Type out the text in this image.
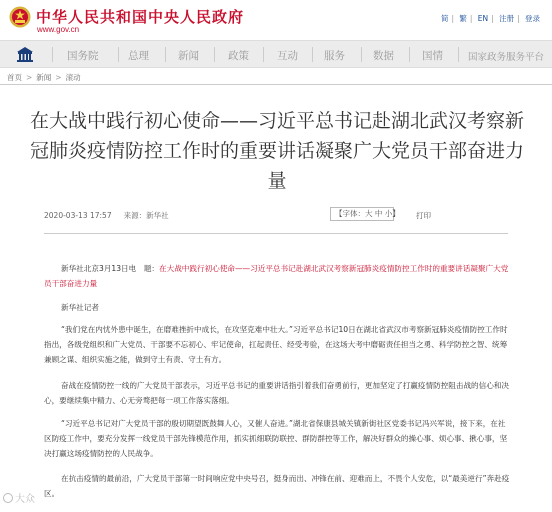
中华人民共和国中央人民政府
www.gov.cn
简 | 繁 | EN | 注册 | 登录
国务院	总理	新闻	政策	互动 服务	数据	国情	国家政务服务平台
首页 > 新闻 > 滚动
在大战中践行初心使命——习近平总书记赴湖北武汉考察新冠肺炎疫情防控工作时的重要讲话凝聚广大党员干部奋进力量
2020-03-13 17:57 来源：新华社	【字体：大 中 小】 打印
新华社北京3月13日电　题：在大战中践行初心使命——习近平总书记赴湖北武汉考察新冠肺炎疫情防控工作时的重要讲话凝聚广大党员干部奋进力量
新华社记者
“我们党在内忧外患中诞生，在磨难挫折中成长，在攻坚克难中壮大。”习近平总书记10日在湖北省武汉市考察新冠肺炎疫情防控工作时指出，各级党组织和广大党员、干部要不忘初心、牢记使命，扛起责任、经受考验，在这场大考中磨砺责任担当之勇、科学防控之智、统筹兼顾之谋、组织实施之能，做到守土有责、守土有方。
奋战在疫情防控一线的广大党员干部表示，习近平总书记的重要讲话指引着我们奋勇前行，更加坚定了打赢疫情防控阻击战的信心和决心，要继续集中精力、心无旁骛把每一项工作落实落细。
“习近平总书记对广大党员干部的殷切期望既鼓舞人心，又催人奋进。”湖北省保康县城关镇新街社区党委书记冯兴军说，接下来，在社区防疫工作中，要充分发挥一线党员干部先锋模范作用，抓实抓细联防联控、群防群控等工作，解决好群众的操心事、烦心事、揪心事，坚决打赢这场疫情防控的人民战争。
在抗击疫情的最前沿，广大党员干部第一时间响应党中央号召，挺身而出、冲锋在前、迎难而上，不畏个人安危，以“最美逆行”奔赴疫区。
大众
